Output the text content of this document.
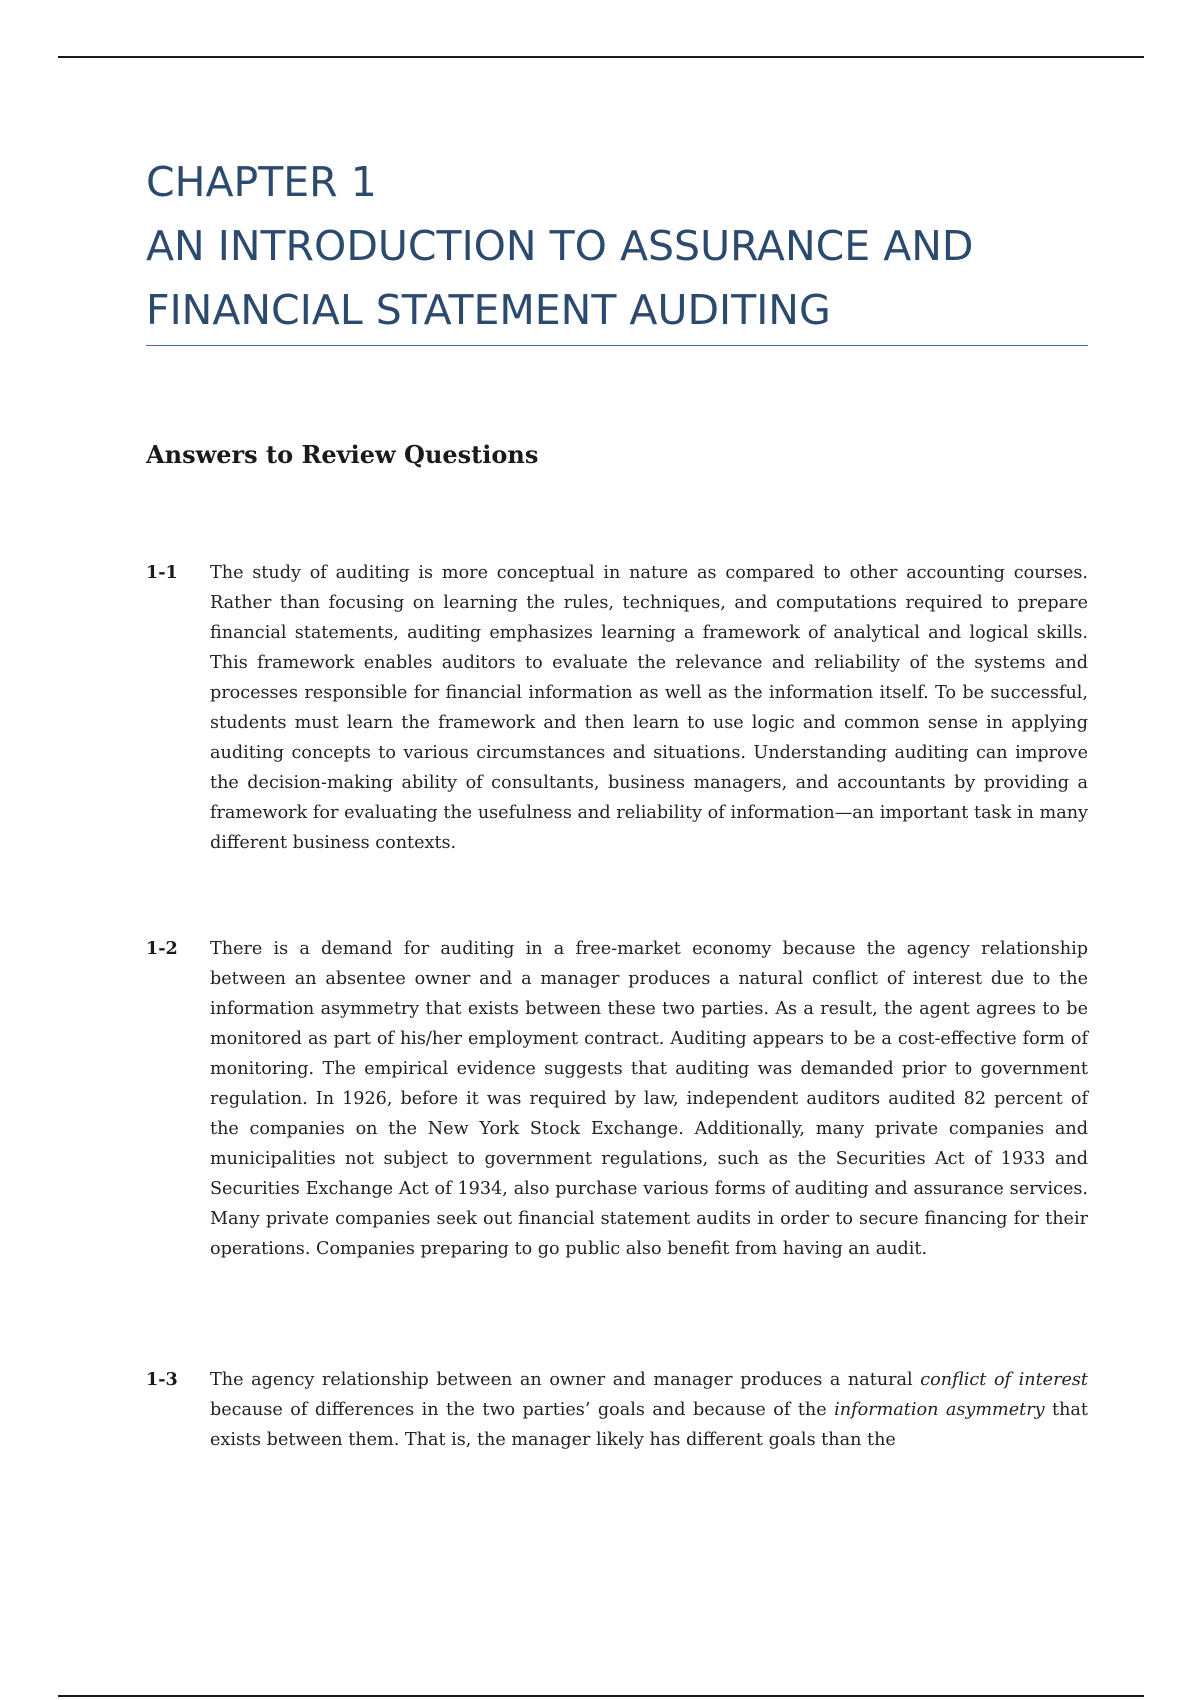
CHAPTER 1
AN INTRODUCTION TO ASSURANCE AND
FINANCIAL STATEMENT AUDITING
Answers to Review Questions
1-1 The study of auditing is more conceptual in nature as compared to other accounting courses. Rather than focusing on learning the rules, techniques, and computations required to prepare financial statements, auditing emphasizes learning a framework of analytical and logical skills. This framework enables auditors to evaluate the relevance and reliability of the systems and processes responsible for financial information as well as the information itself. To be successful, students must learn the framework and then learn to use logic and common sense in applying auditing concepts to various circumstances and situations. Understanding auditing can improve the decision-making ability of consultants, business managers, and accountants by providing a framework for evaluating the usefulness and reliability of information—an important task in many different business contexts.
1-2 There is a demand for auditing in a free-market economy because the agency relationship between an absentee owner and a manager produces a natural conflict of interest due to the information asymmetry that exists between these two parties. As a result, the agent agrees to be monitored as part of his/her employment contract. Auditing appears to be a cost-effective form of monitoring. The empirical evidence suggests that auditing was demanded prior to government regulation. In 1926, before it was required by law, independent auditors audited 82 percent of the companies on the New York Stock Exchange. Additionally, many private companies and municipalities not subject to government regulations, such as the Securities Act of 1933 and Securities Exchange Act of 1934, also purchase various forms of auditing and assurance services. Many private companies seek out financial statement audits in order to secure financing for their operations. Companies preparing to go public also benefit from having an audit.
1-3 The agency relationship between an owner and manager produces a natural conflict of interest because of differences in the two parties’ goals and because of the information asymmetry that exists between them. That is, the manager likely has different goals than the
